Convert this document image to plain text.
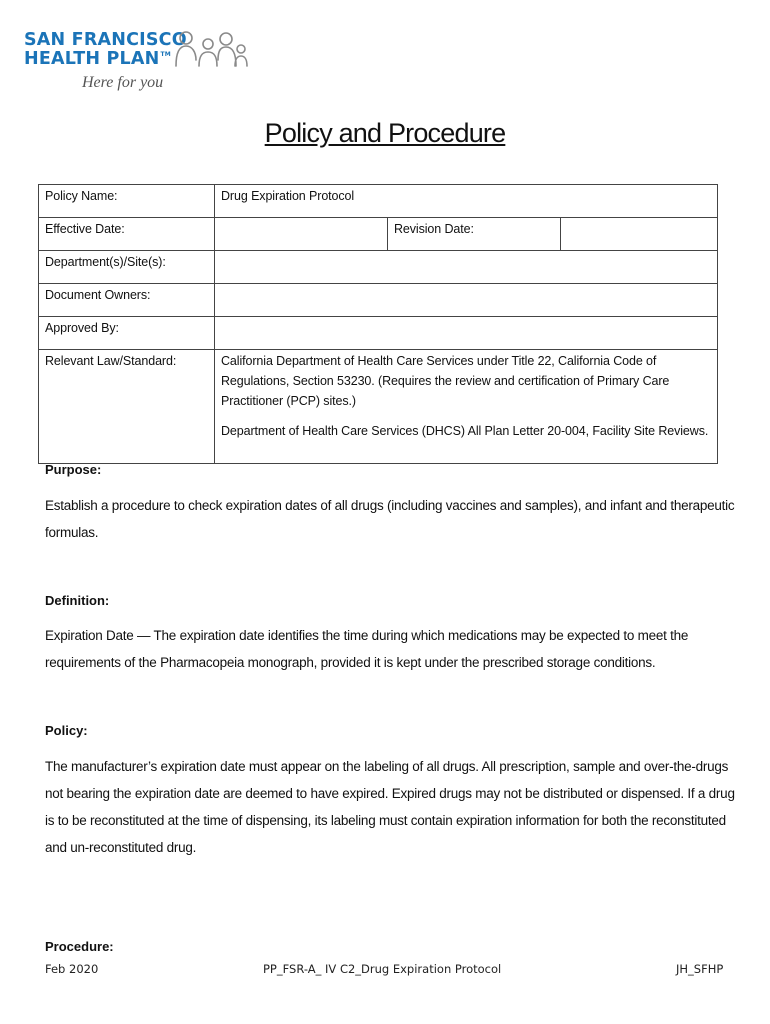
SAN FRANCISCO
HEALTH PLAN™
Here for you
Policy and Procedure
Policy Name:	Drug Expiration Protocol		
Effective Date:		Revision Date:	
Department(s)/Site(s):			
Document Owners:			
Approved By:			
Relevant Law/Standard:	California Department of Health Care Services under Title 22, California Code of Regulations, Section 53230. (Requires the review and certification of Primary Care Practitioner (PCP) sites.)

Department of Health Care Services (DHCS) All Plan Letter 20-004, Facility Site Reviews.		

Purpose:
Establish a procedure to check expiration dates of all drugs (including vaccines and samples), and infant and therapeutic formulas.
Definition:
Expiration Date — The expiration date identifies the time during which medications may be expected to meet the requirements of the Pharmacopeia monograph, provided it is kept under the prescribed storage conditions.
Policy:
The manufacturer’s expiration date must appear on the labeling of all drugs. All prescription, sample and over-the-drugs not bearing the expiration date are deemed to have expired. Expired drugs may not be distributed or dispensed. If a drug is to be reconstituted at the time of dispensing, its labeling must contain expiration information for both the reconstituted and un-reconstituted drug.
Procedure:
Feb 2020	PP_FSR-A_ IV C2_Drug Expiration Protocol	JH_SFHP
